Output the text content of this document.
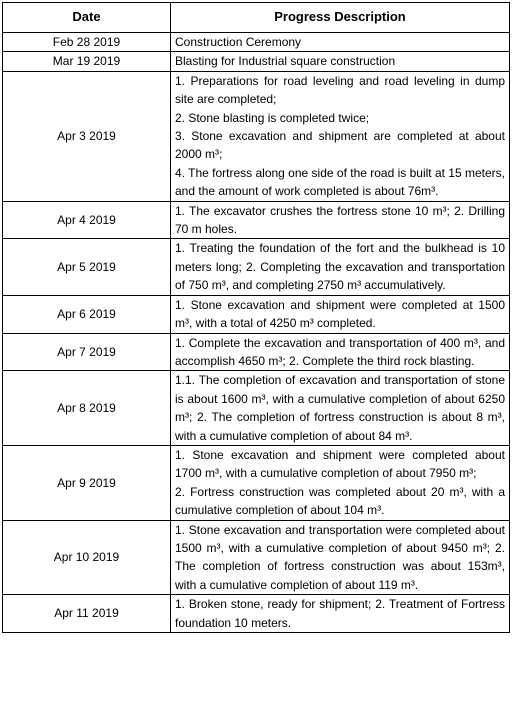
Date	Progress Description
Feb 28 2019	Construction Ceremony

Mar 19 2019	Blasting for Industrial square construction

Apr 3 2019	1. Preparations for road leveling and road leveling in dump site are completed;
2. Stone blasting is completed twice;
3. Stone excavation and shipment are completed at about 2000 m³;
4. The fortress along one side of the road is built at 15 meters, and the amount of work completed is about 76m³.

Apr 4 2019	1. The excavator crushes the fortress stone 10 m³; 2. Drilling 70 m holes.

Apr 5 2019	1. Treating the foundation of the fort and the bulkhead is 10 meters long; 2. Completing the excavation and transportation of 750 m³, and completing 2750 m³ accumulatively.

Apr 6 2019	1. Stone excavation and shipment were completed at 1500 m³, with a total of 4250 m³ completed.

Apr 7 2019	1. Complete the excavation and transportation of 400 m³, and accomplish 4650 m³; 2. Complete the third rock blasting.

Apr 8 2019	1.1. The completion of excavation and transportation of stone is about 1600 m³, with a cumulative completion of about 6250 m³; 2. The completion of fortress construction is about 8 m³, with a cumulative completion of about 84 m³.

Apr 9 2019	1. Stone excavation and shipment were completed about 1700 m³, with a cumulative completion of about 7950 m³;
2. Fortress construction was completed about 20 m³, with a cumulative completion of about 104 m³.

Apr 10 2019	1. Stone excavation and transportation were completed about 1500 m³, with a cumulative completion of about 9450 m³; 2. The completion of fortress construction was about 153m³, with a cumulative completion of about 119 m³.

Apr 11 2019	1. Broken stone, ready for shipment; 2. Treatment of Fortress foundation 10 meters.
